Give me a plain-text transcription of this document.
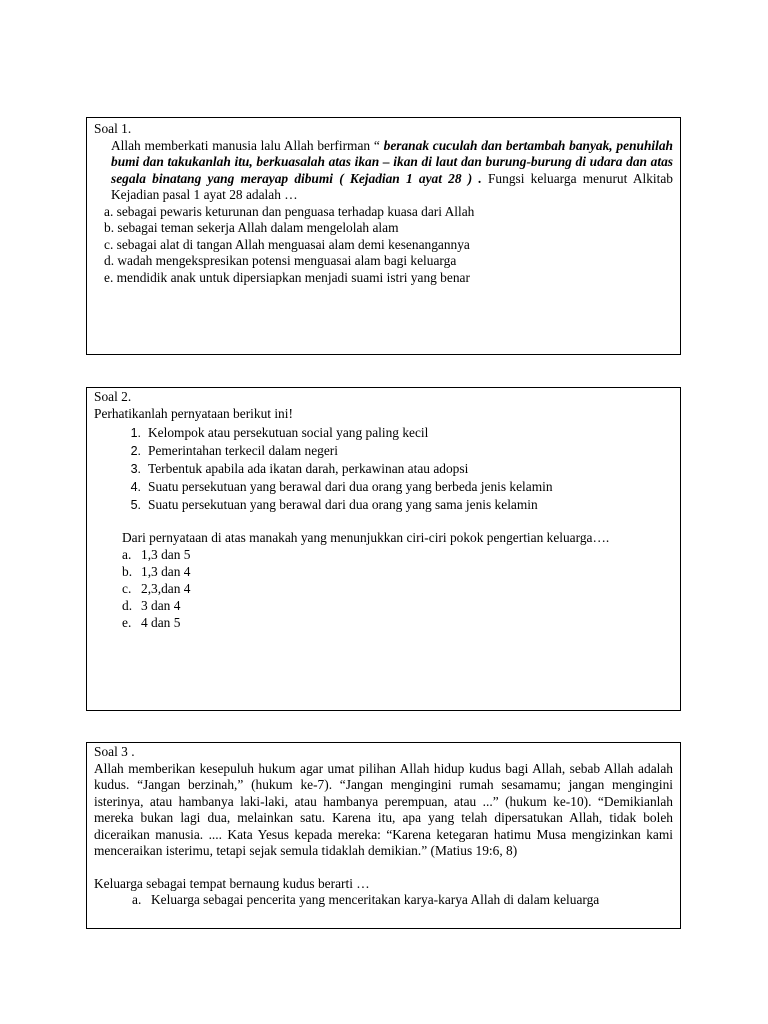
Soal 1.

Allah memberkati manusia lalu Allah berfirman “ beranak cuculah dan bertambah banyak, penuhilah bumi dan takukanlah itu, berkuasalah atas ikan – ikan di laut dan burung-burung di udara dan atas segala binatang yang merayap dibumi ( Kejadian 1 ayat 28 ) . Fungsi keluarga menurut Alkitab Kejadian pasal 1 ayat 28 adalah …

a. sebagai pewaris keturunan dan penguasa terhadap kuasa dari Allah
b. sebagai teman sekerja Allah dalam mengelolah alam
c. sebagai alat di tangan Allah menguasai alam demi kesenangannya
d. wadah mengekspresikan potensi menguasai alam bagi keluarga
e. mendidik anak untuk dipersiapkan menjadi suami istri yang benar

Soal 2.

Perhatikanlah pernyataan berikut ini!

1. Kelompok atau persekutuan social yang paling kecil
2. Pemerintahan terkecil dalam negeri
3. Terbentuk apabila ada ikatan darah, perkawinan atau adopsi
4. Suatu persekutuan yang berawal dari dua orang yang berbeda jenis kelamin
5. Suatu persekutuan yang berawal dari dua orang yang sama jenis kelamin

Dari pernyataan di atas manakah yang menunjukkan ciri-ciri pokok pengertian keluarga….

a. 1,3 dan 5
b. 1,3 dan 4
c. 2,3,dan 4
d. 3 dan 4
e. 4 dan 5

Soal 3 .

Allah memberikan kesepuluh hukum agar umat pilihan Allah hidup kudus bagi Allah, sebab Allah adalah kudus. “Jangan berzinah,” (hukum ke-7). “Jangan mengingini rumah sesamamu; jangan mengingini isterinya, atau hambanya laki-laki, atau hambanya perempuan, atau ...” (hukum ke-10). “Demikianlah mereka bukan lagi dua, melainkan satu. Karena itu, apa yang telah dipersatukan Allah, tidak boleh diceraikan manusia. .... Kata Yesus kepada mereka: “Karena ketegaran hatimu Musa mengizinkan kami menceraikan isterimu, tetapi sejak semula tidaklah demikian.” (Matius 19:6, 8)

Keluarga sebagai tempat bernaung kudus berarti …

a. Keluarga sebagai pencerita yang menceritakan karya-karya Allah di dalam keluarga
